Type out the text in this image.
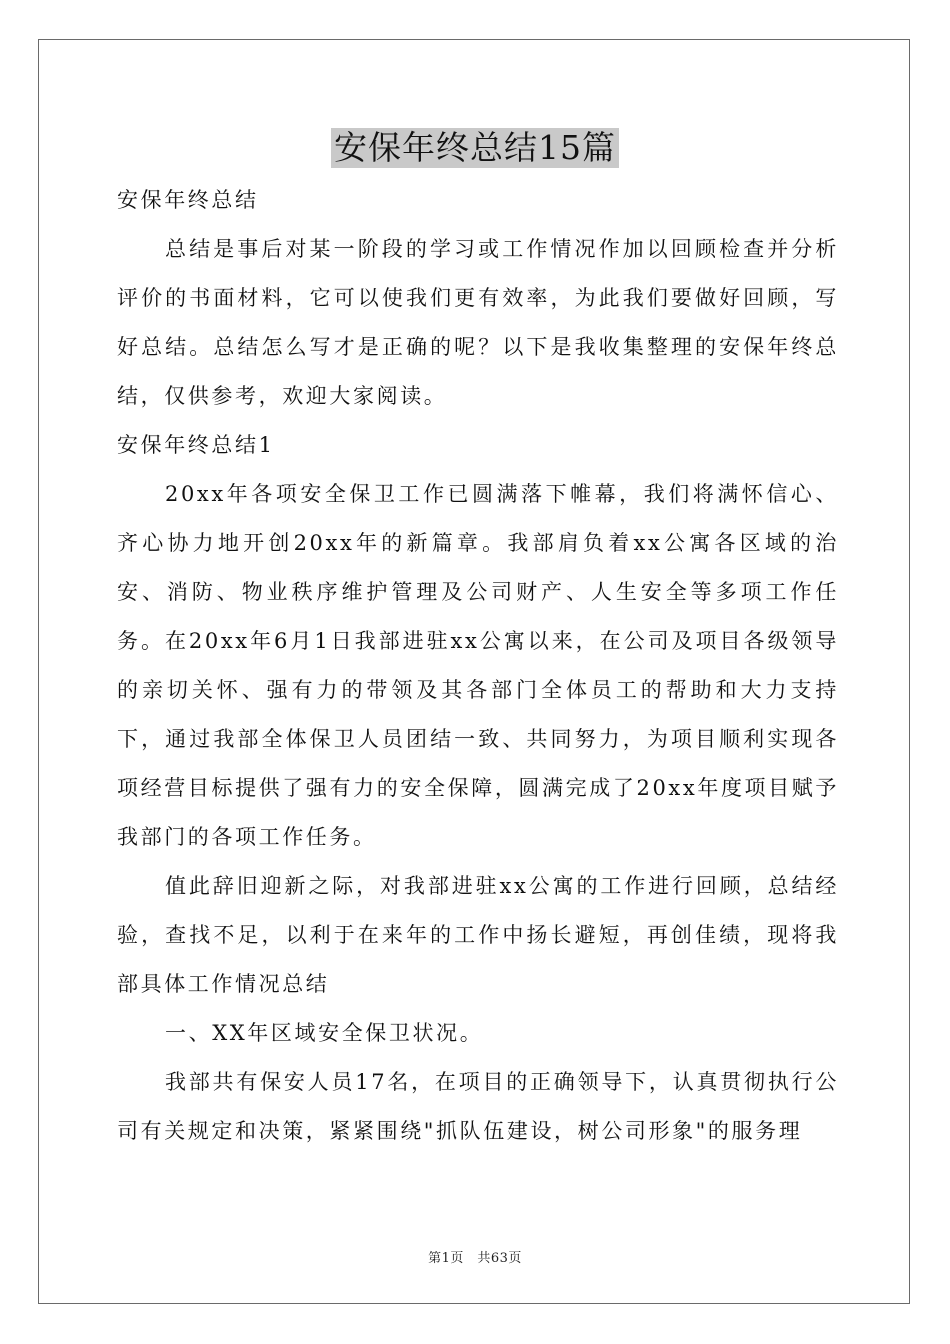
安保年终总结15篇

安保年终总结

总结是事后对某一阶段的学习或工作情况作加以回顾检查并分析评价的书面材料，它可以使我们更有效率，为此我们要做好回顾，写好总结。总结怎么写才是正确的呢？以下是我收集整理的安保年终总结，仅供参考，欢迎大家阅读。

安保年终总结1

20xx年各项安全保卫工作已圆满落下帷幕，我们将满怀信心、齐心协力地开创20xx年的新篇章。我部肩负着xx公寓各区域的治安、消防、物业秩序维护管理及公司财产、人生安全等多项工作任务。在20xx年6月1日我部进驻xx公寓以来，在公司及项目各级领导的亲切关怀、强有力的带领及其各部门全体员工的帮助和大力支持下，通过我部全体保卫人员团结一致、共同努力，为项目顺利实现各项经营目标提供了强有力的安全保障，圆满完成了20xx年度项目赋予我部门的各项工作任务。

值此辞旧迎新之际，对我部进驻xx公寓的工作进行回顾，总结经验，查找不足，以利于在来年的工作中扬长避短，再创佳绩，现将我部具体工作情况总结

一、XX年区域安全保卫状况。

我部共有保安人员17名，在项目的正确领导下，认真贯彻执行公司有关规定和决策，紧紧围绕"抓队伍建设，树公司形象"的服务理

第1页　共63页
